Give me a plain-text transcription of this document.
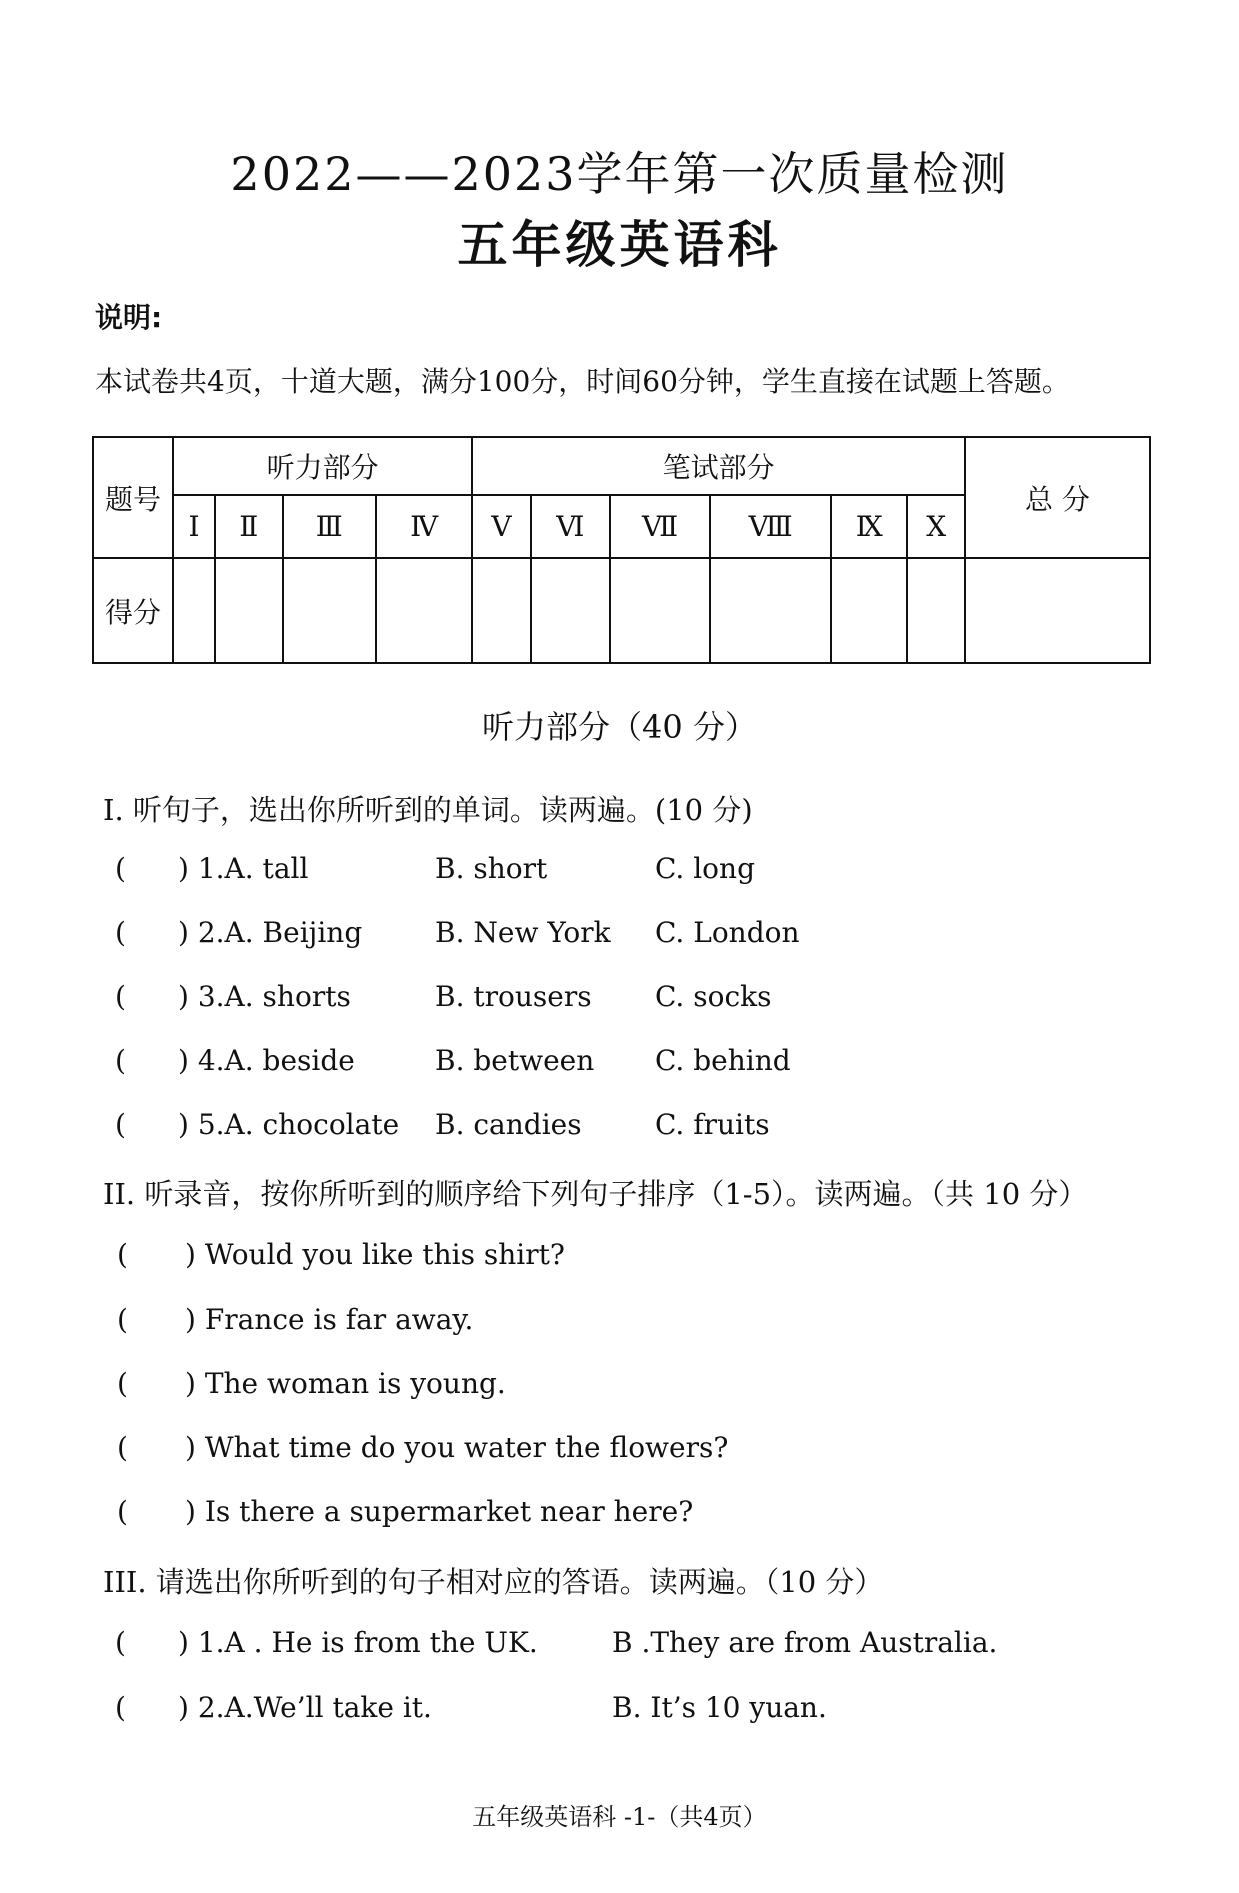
2022——2023学年第一次质量检测
五年级英语科
说明:
本试卷共4页，十道大题，满分100分，时间60分钟，学生直接在试题上答题。
题号	听力部分				笔试部分						总 分
	Ⅰ	Ⅱ	Ⅲ	Ⅳ	Ⅴ	Ⅵ	Ⅶ	Ⅷ	Ⅸ	Ⅹ	
得分											
听力部分（40 分）
I. 听句子，选出你所听到的单词。读两遍。(10 分)
( ) 1.A. tall	B. short	C. long
( ) 2.A. Beijing	B. New York C. London
( ) 3.A. shorts	B. trousers C. socks
( ) 4.A. beside	B. between C. behind
( ) 5.A. chocolate B. candies	C. fruits
II. 听录音，按你所听到的顺序给下列句子排序（1-5）。读两遍。（共 10 分）
( ) Would you like this shirt?
( ) France is far away.
( ) The woman is young.
( ) What time do you water the flowers?
( ) Is there a supermarket near here?
III. 请选出你所听到的句子相对应的答语。读两遍。（10 分）
( ) 1.A . He is from the UK.	B .They are from Australia.
( ) 2.A.We’ll take it.	B. It’s 10 yuan.
五年级英语科 -1-（共4页）
